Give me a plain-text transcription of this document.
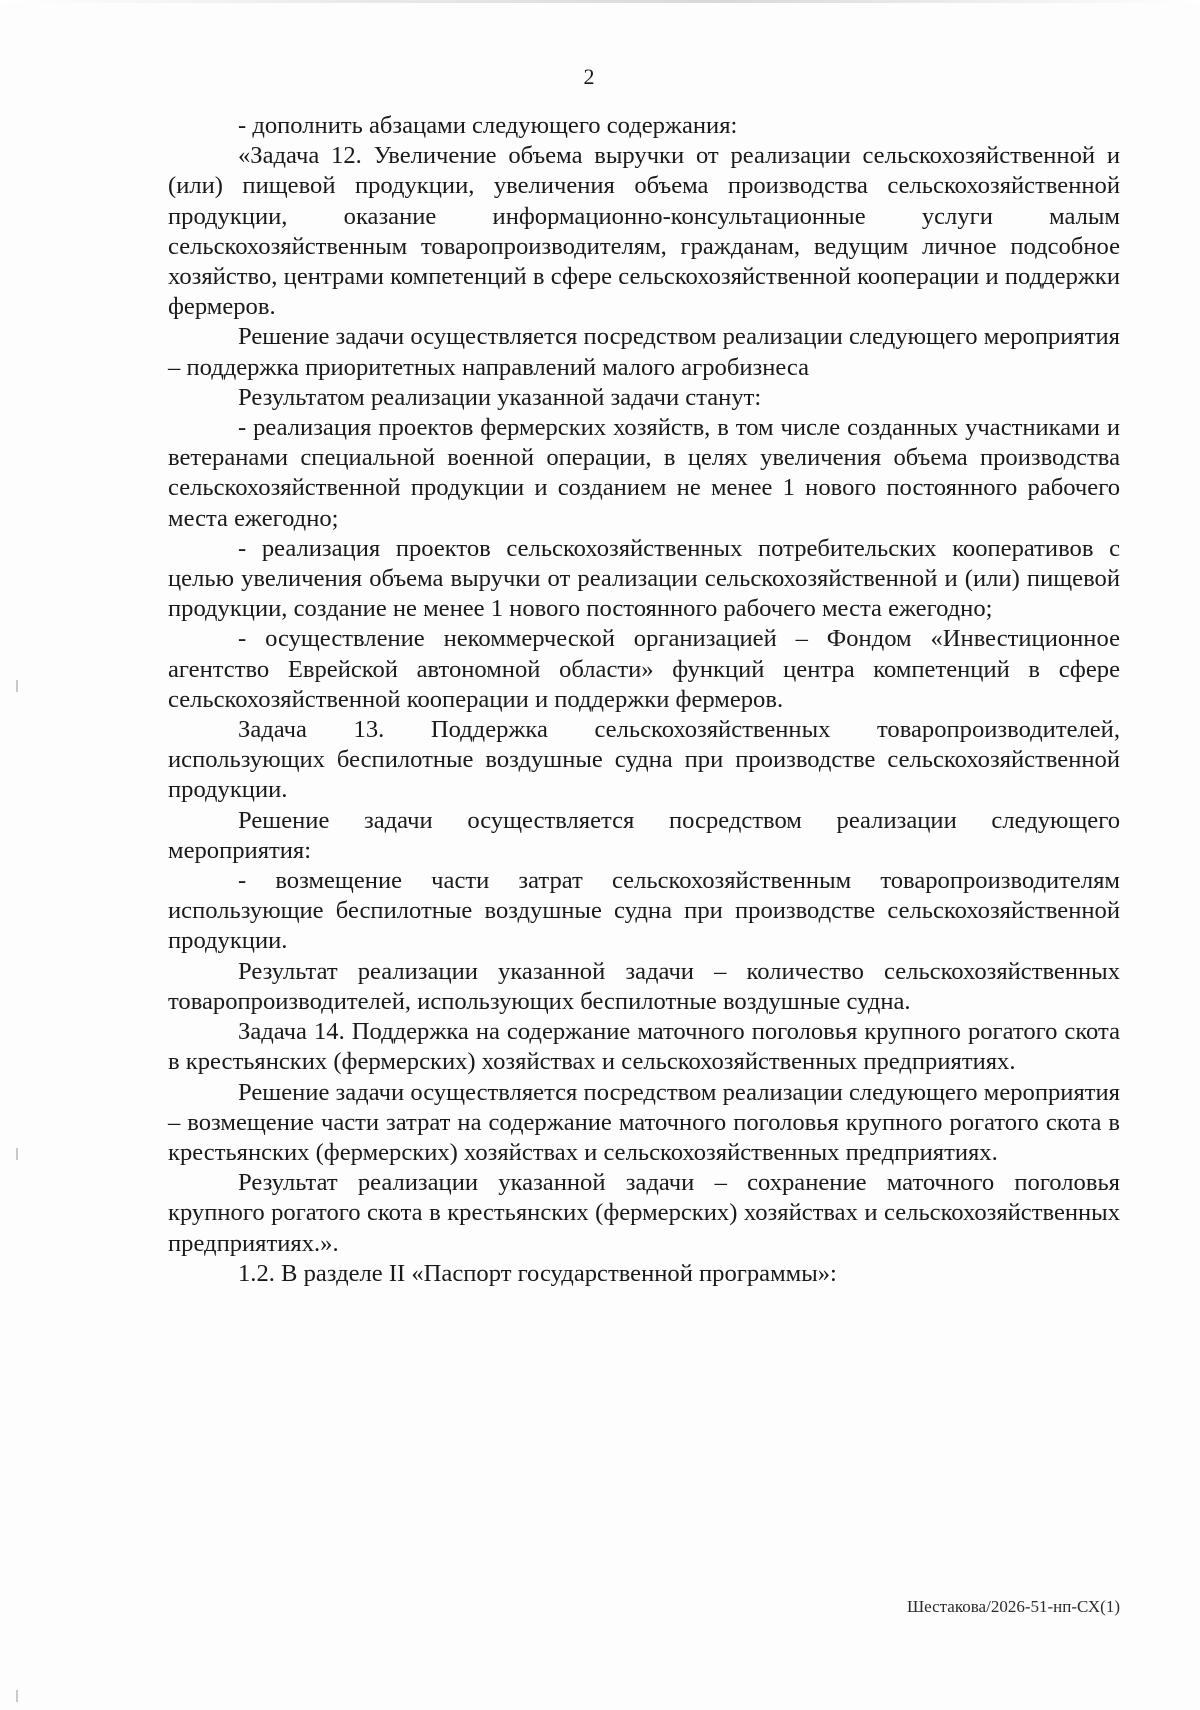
2

- дополнить абзацами следующего содержания:

«Задача 12. Увеличение объема выручки от реализации сельскохозяйственной и (или) пищевой продукции, увеличения объема производства сельскохозяйственной продукции, оказание информационно-консультационные услуги малым сельскохозяйственным товаропроизводителям, гражданам, ведущим личное подсобное хозяйство, центрами компетенций в сфере сельскохозяйственной кооперации и поддержки фермеров.

Решение задачи осуществляется посредством реализации следующего мероприятия – поддержка приоритетных направлений малого агробизнеса

Результатом реализации указанной задачи станут:

- реализация проектов фермерских хозяйств, в том числе созданных участниками и ветеранами специальной военной операции, в целях увеличения объема производства сельскохозяйственной продукции и созданием не менее 1 нового постоянного рабочего места ежегодно;

- реализация проектов сельскохозяйственных потребительских кооперативов с целью увеличения объема выручки от реализации сельскохозяйственной и (или) пищевой продукции, создание не менее 1 нового постоянного рабочего места ежегодно;

- осуществление некоммерческой организацией – Фондом «Инвестиционное агентство Еврейской автономной области» функций центра компетенций в сфере сельскохозяйственной кооперации и поддержки фермеров.

Задача 13. Поддержка сельскохозяйственных товаропроизводителей, использующих беспилотные воздушные судна при производстве сельскохозяйственной продукции.

Решение задачи осуществляется посредством реализации следующего мероприятия:

- возмещение части затрат сельскохозяйственным товаропроизводителям использующие беспилотные воздушные судна при производстве сельскохозяйственной продукции.

Результат реализации указанной задачи – количество сельскохозяйственных товаропроизводителей, использующих беспилотные воздушные судна.

Задача 14. Поддержка на содержание маточного поголовья крупного рогатого скота в крестьянских (фермерских) хозяйствах и сельскохозяйственных предприятиях.

Решение задачи осуществляется посредством реализации следующего мероприятия – возмещение части затрат на содержание маточного поголовья крупного рогатого скота в крестьянских (фермерских) хозяйствах и сельскохозяйственных предприятиях.

Результат реализации указанной задачи – сохранение маточного поголовья крупного рогатого скота в крестьянских (фермерских) хозяйствах и сельскохозяйственных предприятиях.».

1.2. В разделе II «Паспорт государственной программы»:

Шестакова/2026-51-нп-СХ(1)
